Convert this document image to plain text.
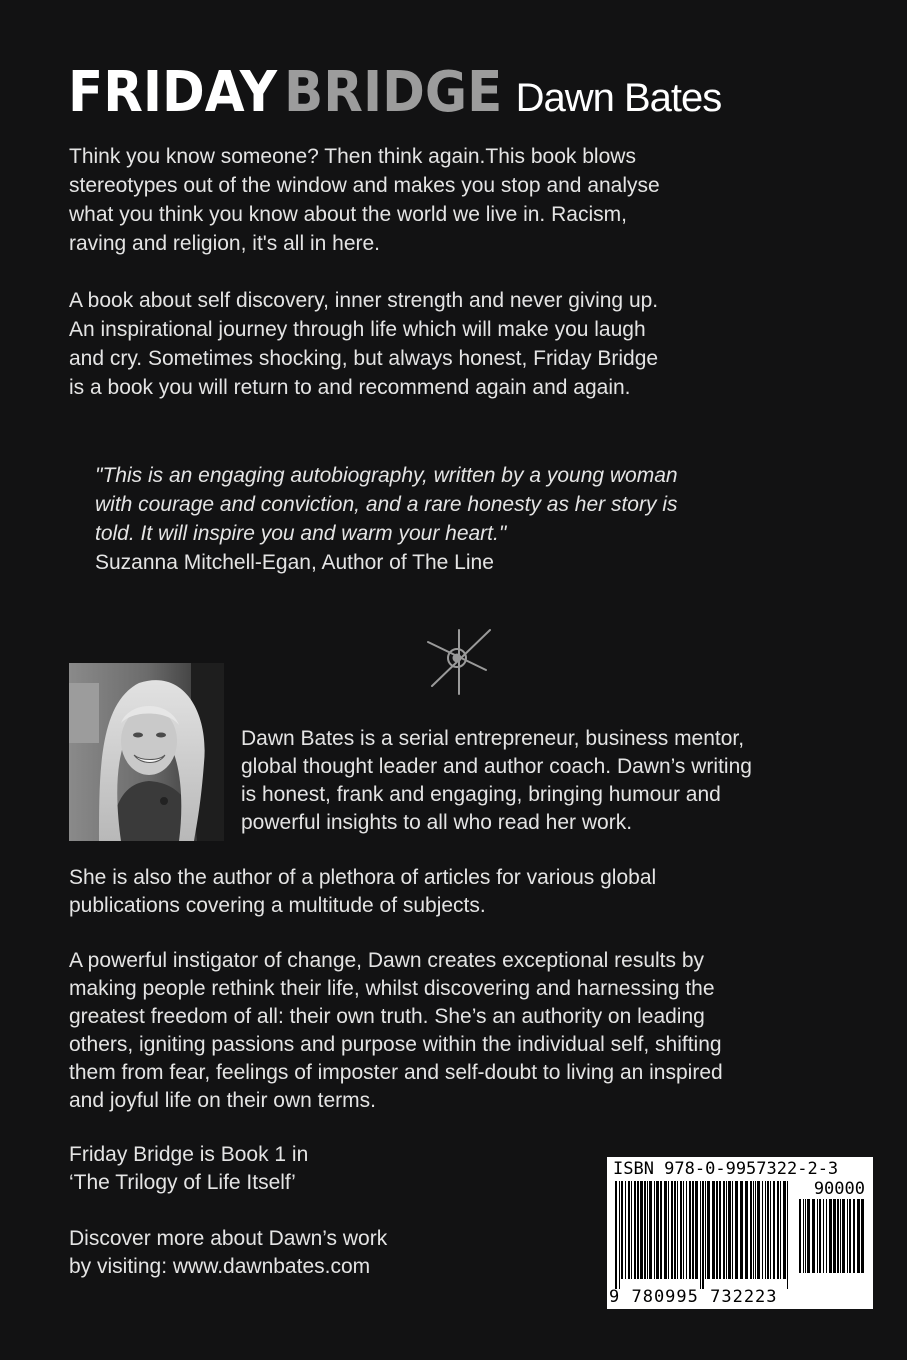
FRIDAY BRIDGE Dawn Bates
Think you know someone? Then think again.This book blows
stereotypes out of the window and makes you stop and analyse
what you think you know about the world we live in. Racism,
raving and religion, it's all in here.
A book about self discovery, inner strength and never giving up.
An inspirational journey through life which will make you laugh
and cry. Sometimes shocking, but always honest, Friday Bridge
is a book you will return to and recommend again and again.
"This is an engaging autobiography, written by a young woman
with courage and conviction, and a rare honesty as her story is
told. It will inspire you and warm your heart."
Suzanna Mitchell-Egan, Author of The Line
Dawn Bates is a serial entrepreneur, business mentor,
global thought leader and author coach. Dawn’s writing
is honest, frank and engaging, bringing humour and
powerful insights to all who read her work.
She is also the author of a plethora of articles for various global
publications covering a multitude of subjects.
A powerful instigator of change, Dawn creates exceptional results by
making people rethink their life, whilst discovering and harnessing the
greatest freedom of all: their own truth. She’s an authority on leading
others, igniting passions and purpose within the individual self, shifting
them from fear, feelings of imposter and self-doubt to living an inspired
and joyful life on their own terms.
Friday Bridge is Book 1 in
‘The Trilogy of Life Itself’
Discover more about Dawn’s work
by visiting: www.dawnbates.com
ISBN 978-0-9957322-2-3
90000
9 780995 732223
